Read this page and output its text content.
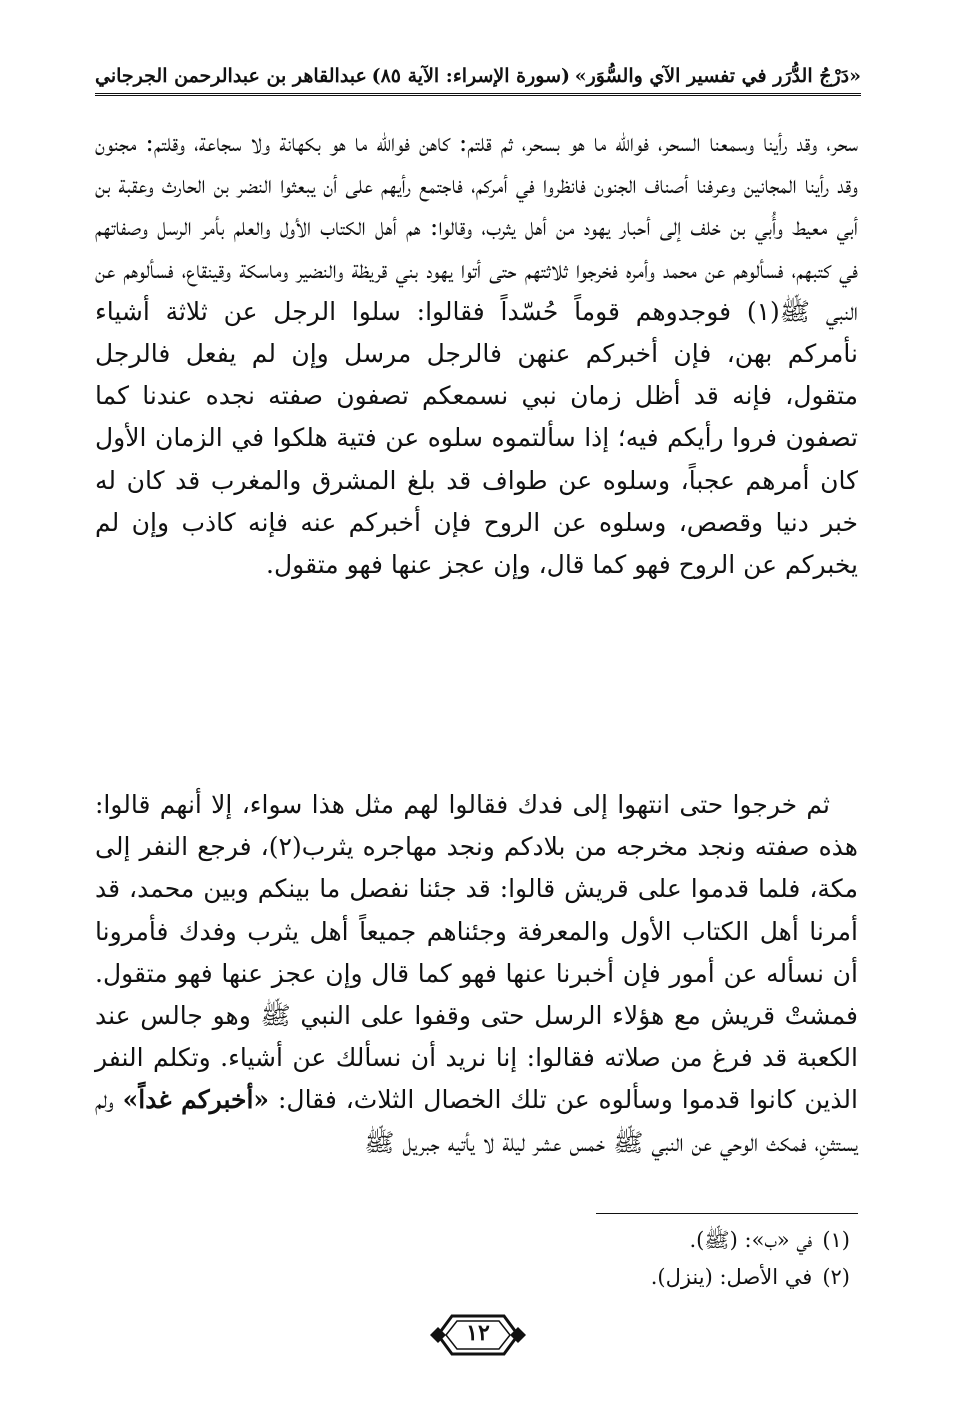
«دَرْجُ الدُّرَر في تفسير الآي والسُّوَر»
(سورة الإسراء: الآية ٨٥)
عبدالقاهر بن عبدالرحمن الجرجاني

سحر، وقد رأينا وسمعنا السحر، فوالله ما هو بسحر، ثم قلتم: كاهن فوالله ما هو بكهانة ولا سجاعة، وقلتم: مجنون وقد رأينا المجانين وعرفنا أصناف الجنون فانظروا في أمركم، فاجتمع رأيهم على أن يبعثوا النضر بن الحارث وعقبة بن أبي معيط وأُبي بن خلف إلى أحبار يهود من أهل يثرب، وقالوا: هم أهل الكتاب الأول والعلم بأمر الرسل وصفاتهم في كتبهم، فسألوهم عن محمد وأمره فخرجوا ثلاثتهم حتى أتوا يهود بني قريظة والنضير وماسكة وقينقاع، فسألوهم عن النبي ﷺ(١) فوجدوهم قوماً حُسّداً فقالوا: سلوا الرجل عن ثلاثة أشياء نأمركم بهن، فإن أخبركم عنهن فالرجل مرسل وإن لم يفعل فالرجل متقول، فإنه قد أظل زمان نبي نسمعكم تصفون صفته نجده عندنا كما تصفون فروا رأيكم فيه؛ إذا سألتموه سلوه عن فتية هلكوا في الزمان الأول كان أمرهم عجباً، وسلوه عن طواف قد بلغ المشرق والمغرب قد كان له خبر دنيا وقصص، وسلوه عن الروح فإن أخبركم عنه فإنه كاذب وإن لم يخبركم عن الروح فهو كما قال، وإن عجز عنها فهو متقول.

ثم خرجوا حتى انتهوا إلى فدك فقالوا لهم مثل هذا سواء، إلا أنهم قالوا: هذه صفته ونجد مخرجه من بلادكم ونجد مهاجره يثرب(٢)، فرجع النفر إلى مكة، فلما قدموا على قريش قالوا: قد جئنا نفصل ما بينكم وبين محمد، قد أمرنا أهل الكتاب الأول والمعرفة وجئناهم جميعاً أهل يثرب وفدك فأمرونا أن نسأله عن أمور فإن أخبرنا عنها فهو كما قال وإن عجز عنها فهو متقول. فمشتْ قريش مع هؤلاء الرسل حتى وقفوا على النبي ﷺ وهو جالس عند الكعبة قد فرغ من صلاته فقالوا: إنا نريد أن نسألك عن أشياء. وتكلم النفر الذين كانوا قدموا وسألوه عن تلك الخصال الثلاث، فقال: «أخبركم غداً» ولم يستثنِ، فمكث الوحي عن النبي ﷺ خمس عشر ليلة لا يأتيه جبريل ﷺ

(١)
في «ب»: (ﷺ).
(٢)
في الأصل: (ينزل).
١٢
